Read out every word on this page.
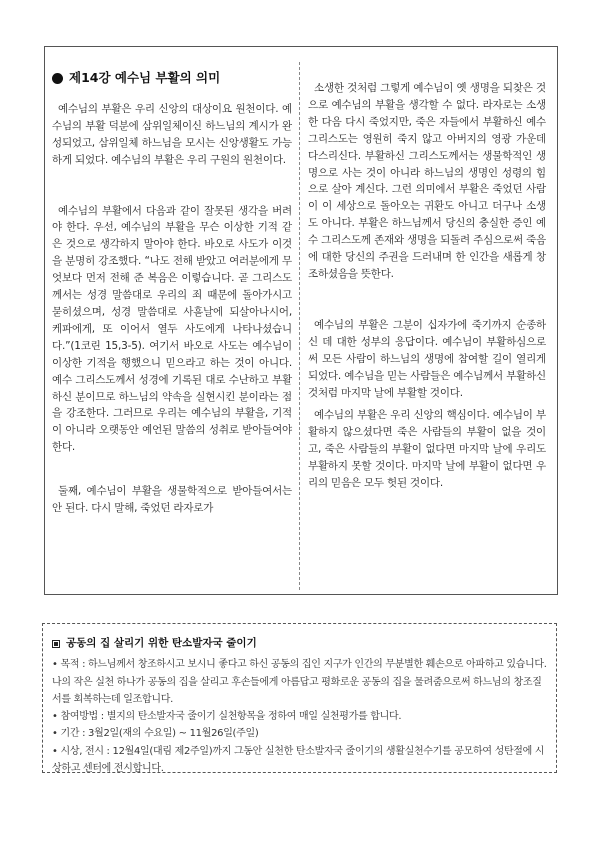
제14강 예수님 부활의 의미

예수님의 부활은 우리 신앙의 대상이요 원천이다. 예수님의 부활 덕분에 삼위일체이신 하느님의 계시가 완성되었고, 삼위일체 하느님을 모시는 신앙생활도 가능하게 되었다. 예수님의 부활은 우리 구원의 원천이다.

예수님의 부활에서 다음과 같이 잘못된 생각을 버려야 한다. 우선, 예수님의 부활을 무슨 이상한 기적 같은 것으로 생각하지 말아야 한다. 바오로 사도가 이것을 분명히 강조했다. “나도 전해 받았고 여러분에게 무엇보다 먼저 전해 준 복음은 이렇습니다. 곧 그리스도께서는 성경 말씀대로 우리의 죄 때문에 돌아가시고 묻히셨으며, 성경 말씀대로 사흗날에 되살아나시어, 케파에게, 또 이어서 열두 사도에게 나타나셨습니다.”(1코린 15,3-5). 여기서 바오로 사도는 예수님이 이상한 기적을 행했으니 믿으라고 하는 것이 아니다. 예수 그리스도께서 성경에 기록된 대로 수난하고 부활하신 분이므로 하느님의 약속을 실현시킨 분이라는 점을 강조한다. 그러므로 우리는 예수님의 부활을, 기적이 아니라 오랫동안 예언된 말씀의 성취로 받아들여야 한다.

둘째, 예수님이 부활을 생물학적으로 받아들여서는 안 된다. 다시 말해, 죽었던 라자로가

소생한 것처럼 그렇게 예수님이 옛 생명을 되찾은 것으로 예수님의 부활을 생각할 수 없다. 라자로는 소생한 다음 다시 죽었지만, 죽은 자들에서 부활하신 예수 그리스도는 영원히 죽지 않고 아버지의 영광 가운데 다스리신다. 부활하신 그리스도께서는 생물학적인 생명으로 사는 것이 아니라 하느님의 생명인 성령의 힘으로 살아 계신다. 그런 의미에서 부활은 죽었던 사람이 이 세상으로 돌아오는 귀환도 아니고 더구나 소생도 아니다. 부활은 하느님께서 당신의 충실한 증인 예수 그리스도께 존재와 생명을 되돌려 주심으로써 죽음에 대한 당신의 주권을 드러내며 한 인간을 새롭게 창조하셨음을 뜻한다.

예수님의 부활은 그분이 십자가에 죽기까지 순종하신 데 대한 성부의 응답이다. 예수님이 부활하심으로써 모든 사람이 하느님의 생명에 참여할 길이 열리게 되었다. 예수님을 믿는 사람들은 예수님께서 부활하신 것처럼 마지막 날에 부활할 것이다.

예수님의 부활은 우리 신앙의 핵심이다. 예수님이 부활하지 않으셨다면 죽은 사람들의 부활이 없을 것이고, 죽은 사람들의 부활이 없다면 마지막 날에 우리도 부활하지 못할 것이다. 마지막 날에 부활이 없다면 우리의 믿음은 모두 헛된 것이다.

공동의 집 살리기 위한 탄소발자국 줄이기

• 목적 : 하느님께서 창조하시고 보시니 좋다고 하신 공동의 집인 지구가 인간의 무분별한 훼손으로 아파하고 있습니다. 나의 작은 실천 하나가 공동의 집을 살리고 후손들에게 아름답고 평화로운 공동의 집을 물려줌으로써 하느님의 창조질서를 회복하는데 일조합니다.

• 참여방법 : 별지의 탄소발자국 줄이기 실천항목을 정하여 매일 실천평가를 합니다.

• 기간 : 3월2일(재의 수요일) ~ 11월26일(주일)

• 시상, 전시 : 12월4일(대림 제2주일)까지 그동안 실천한 탄소발자국 줄이기의 생활실천수기를 공모하여 성탄절에 시상하고 센터에 전시합니다.
